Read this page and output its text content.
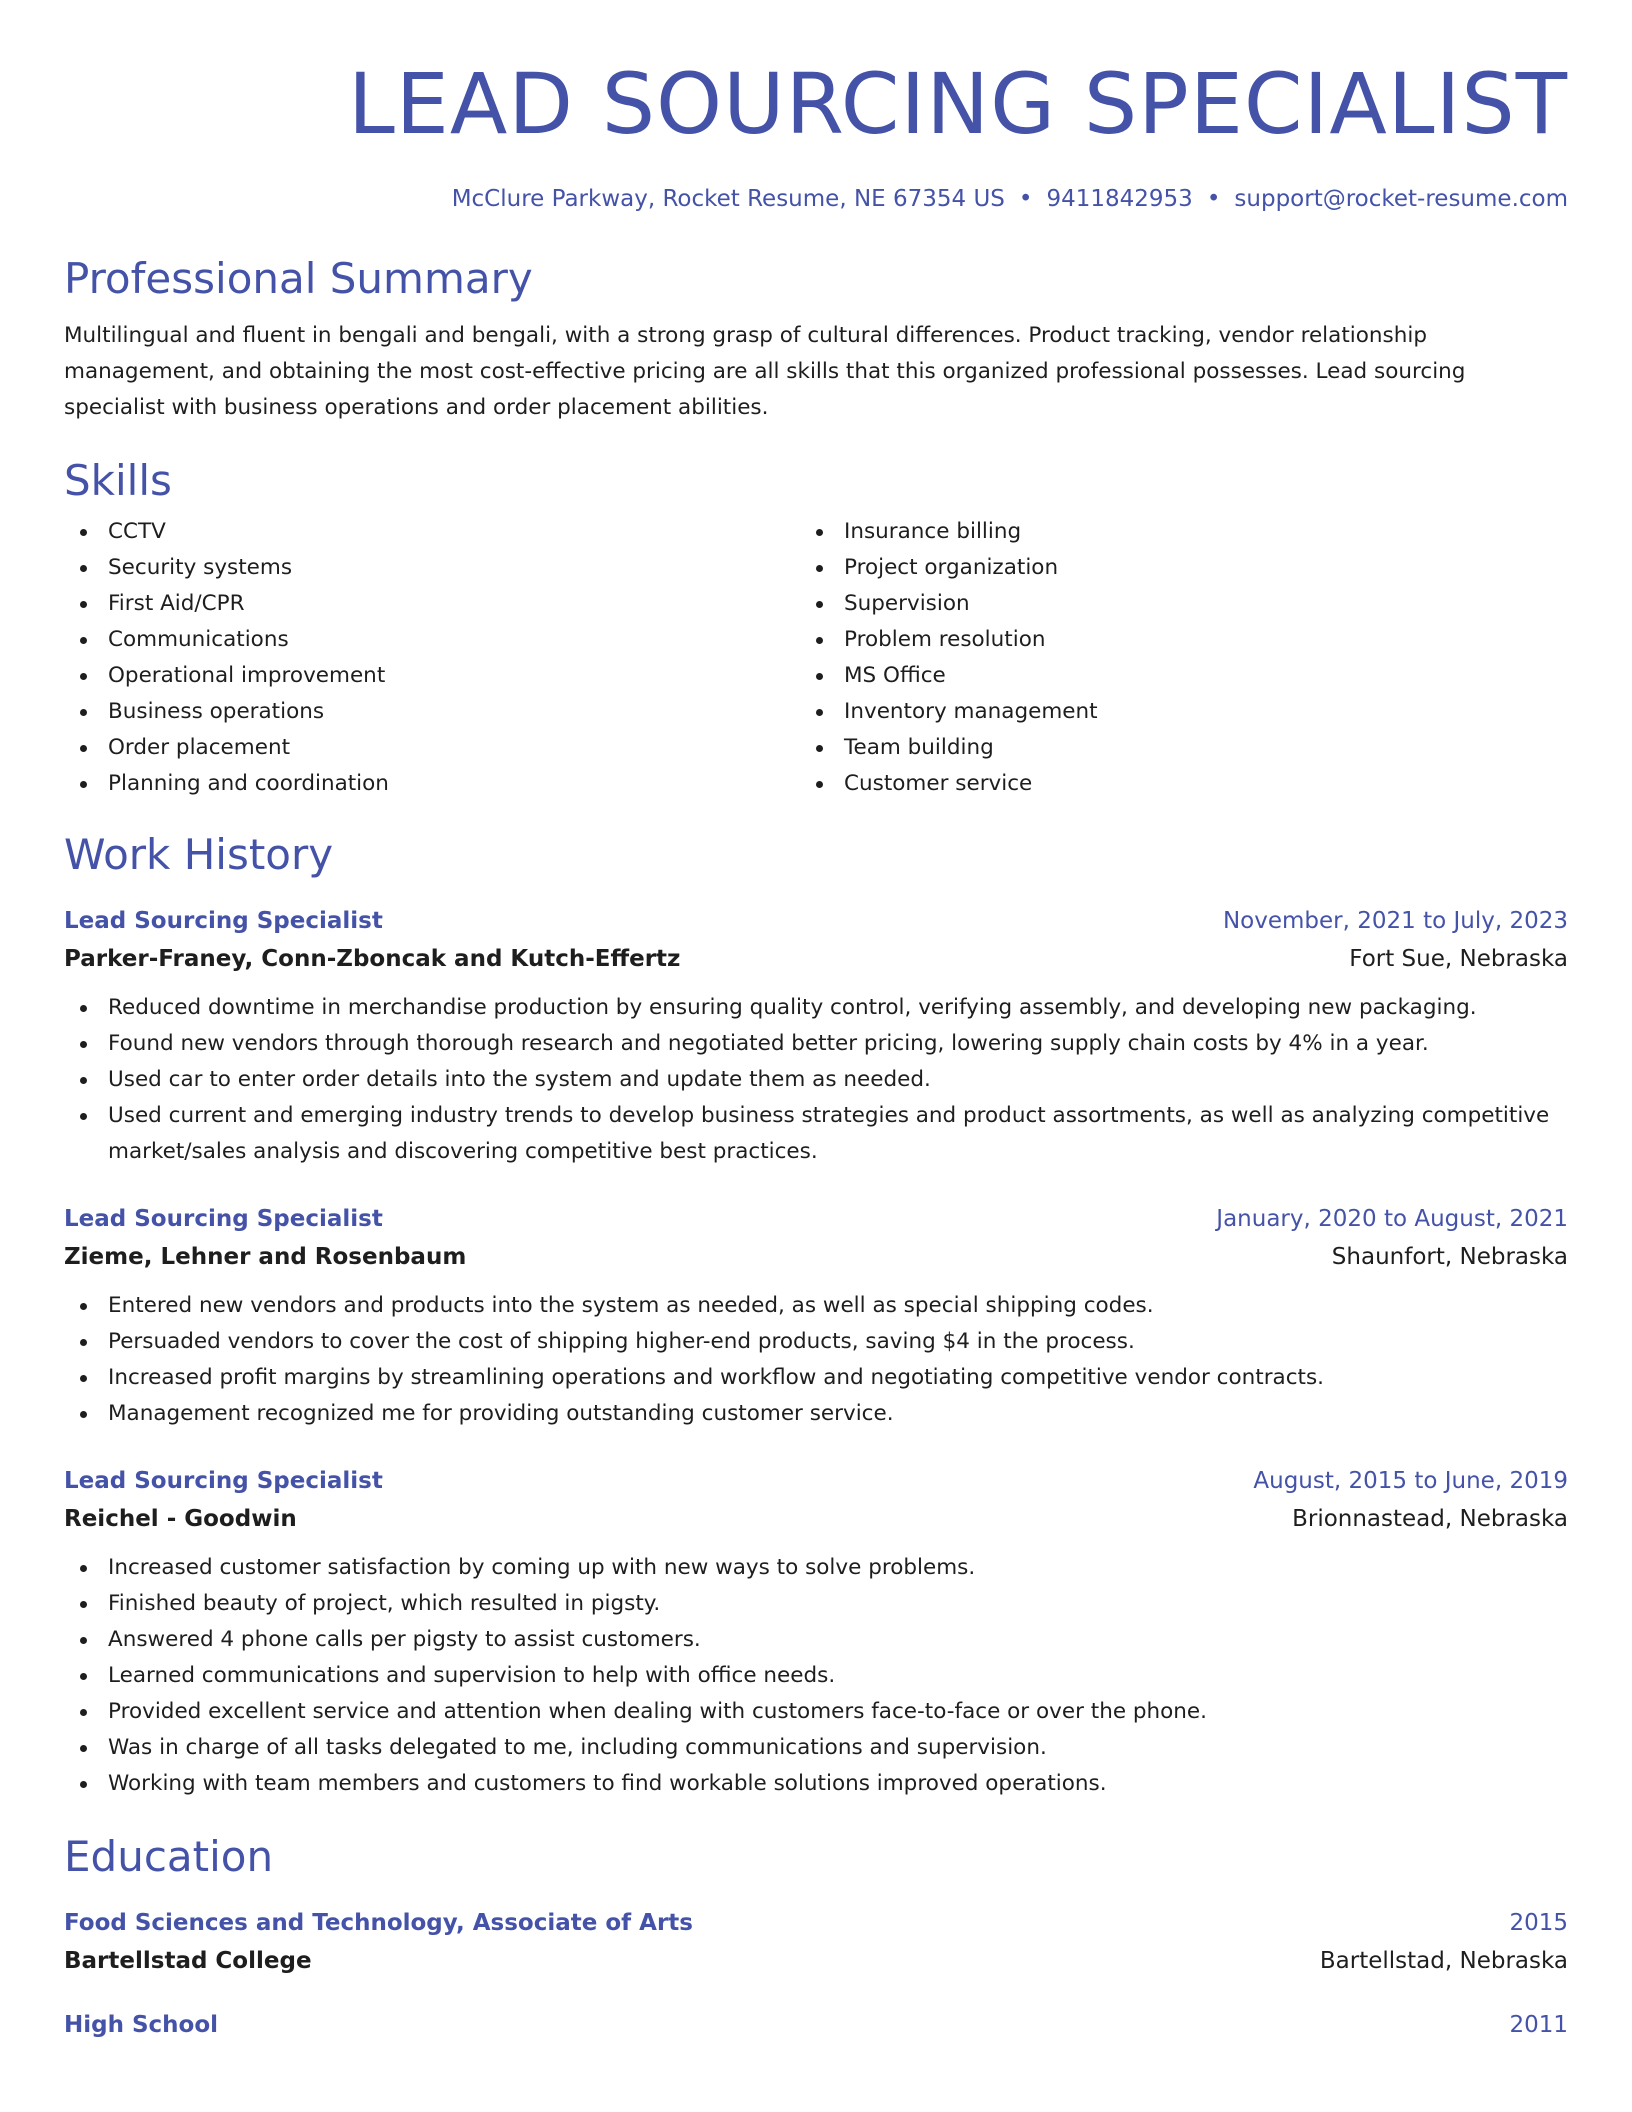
LEAD SOURCING SPECIALIST
McClure Parkway, Rocket Resume, NE 67354 US • 9411842953 • support@rocket-resume.com
Professional Summary

Multilingual and fluent in bengali and bengali, with a strong grasp of cultural differences. Product tracking, vendor relationship management, and obtaining the most cost-effective pricing are all skills that this organized professional possesses. Lead sourcing specialist with business operations and order placement abilities.

Skills
CCTV
Security systems
First Aid/CPR
Communications
Operational improvement
Business operations
Order placement
Planning and coordination
Insurance billing
Project organization
Supervision
Problem resolution
MS Office
Inventory management
Team building
Customer service
Work History
Lead Sourcing Specialist	November, 2021 to July, 2023
Parker-Franey, Conn-Zboncak and Kutch-Effertz	Fort Sue, Nebraska
Reduced downtime in merchandise production by ensuring quality control, verifying assembly, and developing new packaging.
Found new vendors through thorough research and negotiated better pricing, lowering supply chain costs by 4% in a year.
Used car to enter order details into the system and update them as needed.
Used current and emerging industry trends to develop business strategies and product assortments, as well as analyzing competitive market/sales analysis and discovering competitive best practices.
Lead Sourcing Specialist	January, 2020 to August, 2021
Zieme, Lehner and Rosenbaum	Shaunfort, Nebraska
Entered new vendors and products into the system as needed, as well as special shipping codes.
Persuaded vendors to cover the cost of shipping higher-end products, saving $4 in the process.
Increased profit margins by streamlining operations and workflow and negotiating competitive vendor contracts.
Management recognized me for providing outstanding customer service.
Lead Sourcing Specialist	August, 2015 to June, 2019
Reichel - Goodwin	Brionnastead, Nebraska
Increased customer satisfaction by coming up with new ways to solve problems.
Finished beauty of project, which resulted in pigsty.
Answered 4 phone calls per pigsty to assist customers.
Learned communications and supervision to help with office needs.
Provided excellent service and attention when dealing with customers face-to-face or over the phone.
Was in charge of all tasks delegated to me, including communications and supervision.
Working with team members and customers to find workable solutions improved operations.
Education
Food Sciences and Technology, Associate of Arts	2015
Bartellstad College	Bartellstad, Nebraska
High School	2011
